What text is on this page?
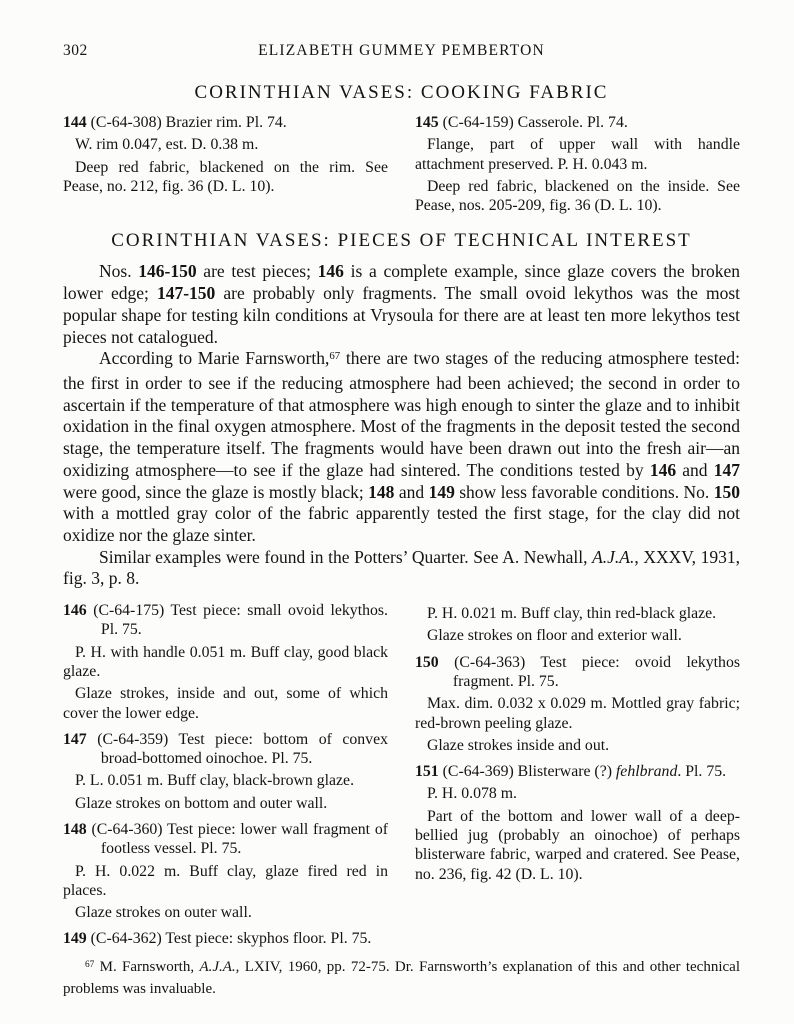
302	ELIZABETH GUMMEY PEMBERTON
CORINTHIAN VASES: COOKING FABRIC

144 (C-64-308) Brazier rim. Pl. 74.

W. rim 0.047, est. D. 0.38 m.

Deep red fabric, blackened on the rim. See Pease, no. 212, fig. 36 (D. L. 10).

145 (C-64-159) Casserole. Pl. 74.

Flange, part of upper wall with handle attachment preserved. P. H. 0.043 m.

Deep red fabric, blackened on the inside. See Pease, nos. 205-209, fig. 36 (D. L. 10).

CORINTHIAN VASES: PIECES OF TECHNICAL INTEREST

Nos. 146-150 are test pieces; 146 is a complete example, since glaze covers the broken lower edge; 147-150 are probably only fragments. The small ovoid lekythos was the most popular shape for testing kiln conditions at Vrysoula for there are at least ten more lekythos test pieces not catalogued.

According to Marie Farnsworth,$^{67}$ there are two stages of the reducing atmosphere tested: the first in order to see if the reducing atmosphere had been achieved; the second in order to ascertain if the temperature of that atmosphere was high enough to sinter the glaze and to inhibit oxidation in the final oxygen atmosphere. Most of the fragments in the deposit tested the second stage, the temperature itself. The fragments would have been drawn out into the fresh air—an oxidizing atmosphere—to see if the glaze had sintered. The conditions tested by 146 and 147 were good, since the glaze is mostly black; 148 and 149 show less favorable conditions. No. 150 with a mottled gray color of the fabric apparently tested the first stage, for the clay did not oxidize nor the glaze sinter.

Similar examples were found in the Potters’ Quarter. See A. Newhall, A.J.A., XXXV, 1931, fig. 3, p. 8.

146 (C-64-175) Test piece: small ovoid lekythos. Pl. 75.

P. H. with handle 0.051 m. Buff clay, good black glaze.

Glaze strokes, inside and out, some of which cover the lower edge.

147 (C-64-359) Test piece: bottom of convex broad-bottomed oinochoe. Pl. 75.

P. L. 0.051 m. Buff clay, black-brown glaze.

Glaze strokes on bottom and outer wall.

148 (C-64-360) Test piece: lower wall fragment of footless vessel. Pl. 75.

P. H. 0.022 m. Buff clay, glaze fired red in places.

Glaze strokes on outer wall.

149 (C-64-362) Test piece: skyphos floor. Pl. 75.

P. H. 0.021 m. Buff clay, thin red-black glaze.

Glaze strokes on floor and exterior wall.

150 (C-64-363) Test piece: ovoid lekythos fragment. Pl. 75.

Max. dim. 0.032 x 0.029 m. Mottled gray fabric; red-brown peeling glaze.

Glaze strokes inside and out.

151 (C-64-369) Blisterware (?) fehlbrand. Pl. 75.

P. H. 0.078 m.

Part of the bottom and lower wall of a deep-bellied jug (probably an oinochoe) of perhaps blisterware fabric, warped and cratered. See Pease, no. 236, fig. 42 (D. L. 10).

$^{67}$ M. Farnsworth, A.J.A., LXIV, 1960, pp. 72-75. Dr. Farnsworth’s explanation of this and other technical problems was invaluable.
